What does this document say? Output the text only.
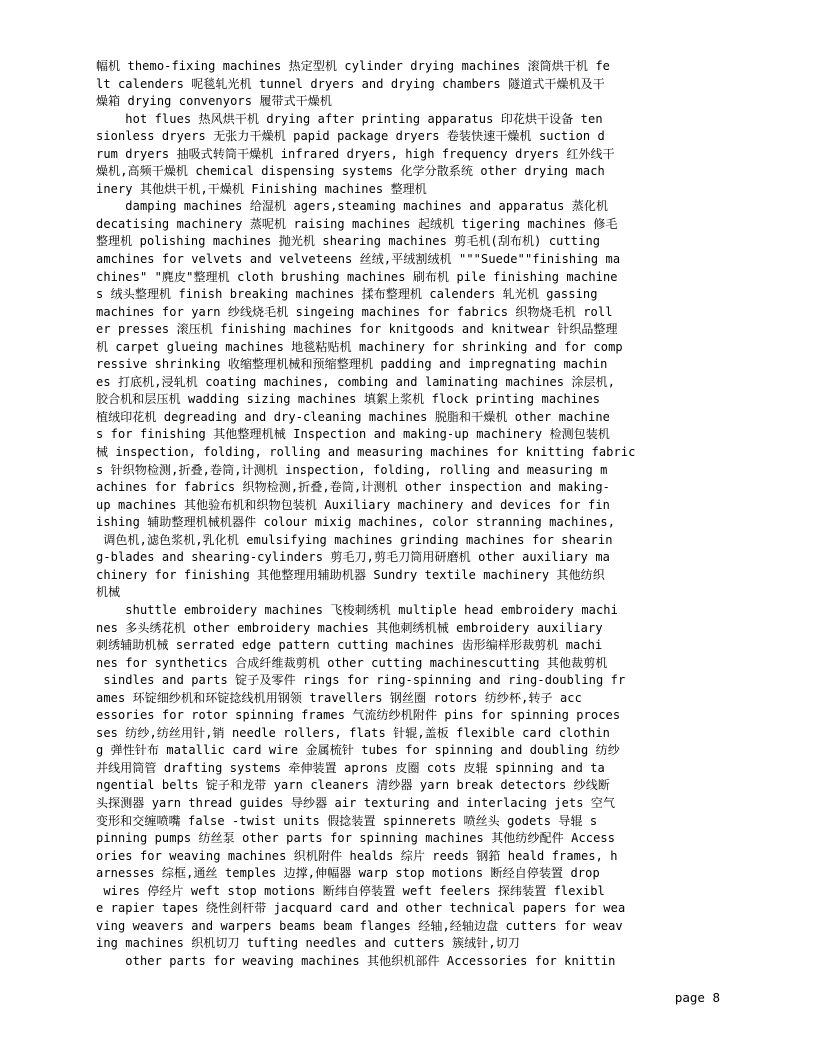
幅机 themo-fixing machines 热定型机 cylinder drying machines 滚筒烘干机 fe
lt calenders 呢毯轧光机 tunnel dryers and drying chambers 隧道式干燥机及干
燥箱 drying convenyors 履带式干燥机
hot flues 热风烘干机 drying after printing apparatus 印花烘干设备 ten
sionless dryers 无张力干燥机 papid package dryers 卷装快速干燥机 suction d
rum dryers 抽吸式转筒干燥机 infrared dryers, high frequency dryers 红外线干
燥机,高频干燥机 chemical dispensing systems 化学分散系统 other drying mach
inery 其他烘干机,干燥机 Finishing machines 整理机
damping machines 给湿机 agers,steaming machines and apparatus 蒸化机
decatising machinery 蒸呢机 raising machines 起绒机 tigering machines 修毛
整理机 polishing machines 抛光机 shearing machines 剪毛机(刮布机) cutting
amchines for velvets and velveteens 丝绒,平绒割绒机 """Suede""finishing ma
chines" "麂皮"整理机 cloth brushing machines 刷布机 pile finishing machine
s 绒头整理机 finish breaking machines 揉布整理机 calenders 轧光机 gassing
machines for yarn 纱线烧毛机 singeing machines for fabrics 织物烧毛机 roll
er presses 滚压机 finishing machines for knitgoods and knitwear 针织品整理
机 carpet glueing machines 地毯粘贴机 machinery for shrinking and for comp
ressive shrinking 收缩整理机械和预缩整理机 padding and impregnating machin
es 打底机,浸轧机 coating machines, combing and laminating machines 涂层机,
胶合机和层压机 wadding sizing machines 填絮上浆机 flock printing machines
植绒印花机 degreading and dry-cleaning machines 脱脂和干燥机 other machine
s for finishing 其他整理机械 Inspection and making-up machinery 检测包装机
械 inspection, folding, rolling and measuring machines for knitting fabric
s 针织物检测,折叠,卷筒,计测机 inspection, folding, rolling and measuring m
achines for fabrics 织物检测,折叠,卷筒,计测机 other inspection and making-
up machines 其他验布机和织物包装机 Auxiliary machinery and devices for fin
ishing 辅助整理机械机器件 colour mixig machines, color stranning machines,
调色机,滤色浆机,乳化机 emulsifying machines grinding machines for shearin
g-blades and shearing-cylinders 剪毛刀,剪毛刀筒用研磨机 other auxiliary ma
chinery for finishing 其他整理用辅助机器 Sundry textile machinery 其他纺织
机械
shuttle embroidery machines 飞梭刺绣机 multiple head embroidery machi
nes 多头绣花机 other embroidery machies 其他刺绣机械 embroidery auxiliary
刺绣辅助机械 serrated edge pattern cutting machines 齿形编样形裁剪机 machi
nes for synthetics 合成纤维裁剪机 other cutting machinescutting 其他裁剪机
sindles and parts 锭子及零件 rings for ring-spinning and ring-doubling fr
ames 环锭细纱机和环锭捻线机用钢领 travellers 钢丝圈 rotors 纺纱杯,转子 acc
essories for rotor spinning frames 气流纺纱机附件 pins for spinning proces
ses 纺纱,纺丝用针,销 needle rollers, flats 针辊,盖板 flexible card clothin
g 弹性针布 matallic card wire 金属梳针 tubes for spinning and doubling 纺纱
并线用筒管 drafting systems 牵伸装置 aprons 皮圈 cots 皮辊 spinning and ta
ngential belts 锭子和龙带 yarn cleaners 清纱器 yarn break detectors 纱线断
头探测器 yarn thread guides 导纱器 air texturing and interlacing jets 空气
变形和交缠喷嘴 false -twist units 假捻装置 spinnerets 喷丝头 godets 导辊 s
pinning pumps 纺丝泵 other parts for spinning machines 其他纺纱配件 Access
ories for weaving machines 织机附件 healds 综片 reeds 钢筘 heald frames, h
arnesses 综框,通丝 temples 边撑,伸幅器 warp stop motions 断经自停装置 drop
wires 停经片 weft stop motions 断纬自停装置 weft feelers 探纬装置 flexibl
e rapier tapes 绕性剑杆带 jacquard card and other technical papers for wea
ving weavers and warpers beams beam flanges 经轴,经轴边盘 cutters for weav
ing machines 织机切刀 tufting needles and cutters 簇绒针,切刀
other parts for weaving machines 其他织机部件 Accessories for knittin
page 8
